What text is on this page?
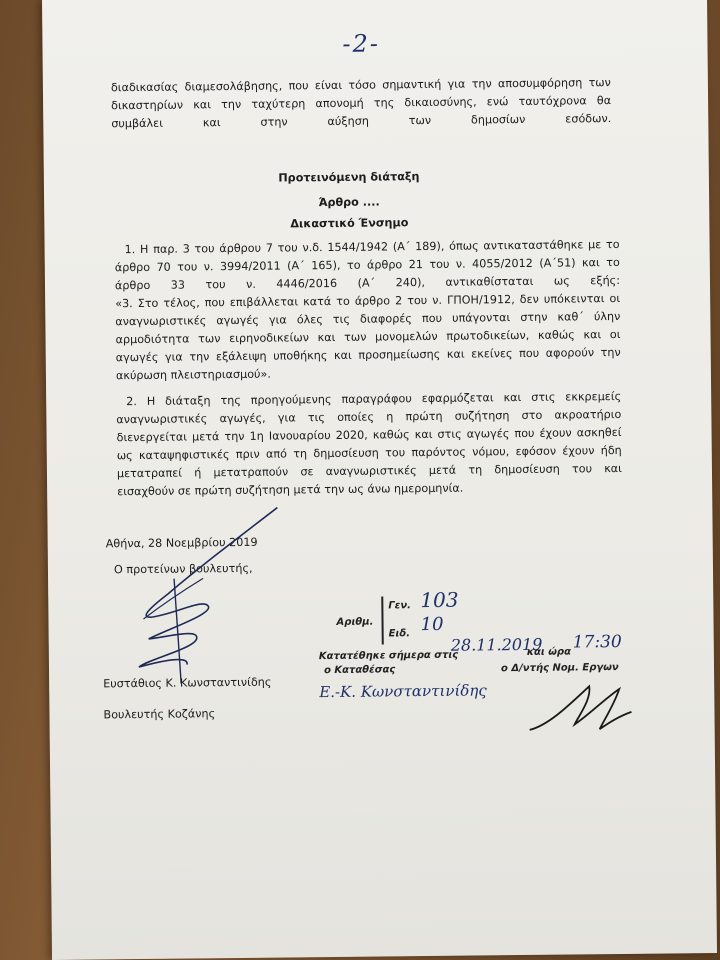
-2-
διαδικασίας διαμεσολάβησης, που είναι τόσο σημαντική για την αποσυμφόρηση των
δικαστηρίων και την ταχύτερη απονομή της δικαιοσύνης, ενώ ταυτόχρονα θα
συμβάλει και στην αύξηση των δημοσίων εσόδων.
Προτεινόμενη διάταξη
Άρθρο ....
Δικαστικό Ένσημο
1. Η παρ. 3 του άρθρου 7 του ν.δ. 1544/1942 (Α΄ 189), όπως αντικαταστάθηκε με το
άρθρο 70 του ν. 3994/2011 (Α΄ 165), το άρθρο 21 του ν. 4055/2012 (Α΄51) και το
άρθρο 33 του ν. 4446/2016 (Α΄ 240), αντικαθίσταται ως εξής:
«3. Στο τέλος, που επιβάλλεται κατά το άρθρο 2 του ν. ΓΠΟΗ/1912, δεν υπόκεινται οι
αναγνωριστικές αγωγές για όλες τις διαφορές που υπάγονται στην καθ΄ ύλην
αρμοδιότητα των ειρηνοδικείων και των μονομελών πρωτοδικείων, καθώς και οι
αγωγές για την εξάλειψη υποθήκης και προσημείωσης και εκείνες που αφορούν την
ακύρωση πλειστηριασμού».
2. Η διάταξη της προηγούμενης παραγράφου εφαρμόζεται και στις εκκρεμείς
αναγνωριστικές αγωγές, για τις οποίες η πρώτη συζήτηση στο ακροατήριο
διενεργείται μετά την 1η Ιανουαρίου 2020, καθώς και στις αγωγές που έχουν ασκηθεί
ως καταψηφιστικές πριν από τη δημοσίευση του παρόντος νόμου, εφόσον έχουν ήδη
μετατραπεί ή μετατραπούν σε αναγνωριστικές μετά τη δημοσίευση του και
εισαχθούν σε πρώτη συζήτηση μετά την ως άνω ημερομηνία.
Αθήνα, 28 Νοεμβρίου 2019
Ο προτείνων βουλευτής,
Ευστάθιος Κ. Κωνσταντινίδης
Βουλευτής Κοζάνης
Αριθμ.
Γεν. 103
Ειδ. 10
Κατατέθηκε σήμερα στις
28.11.2019
και ώρα 17:30
ο Καταθέσας	ο Δ/ντής Νομ. Εργων
Ε.-Κ. Κωνσταντινίδης
